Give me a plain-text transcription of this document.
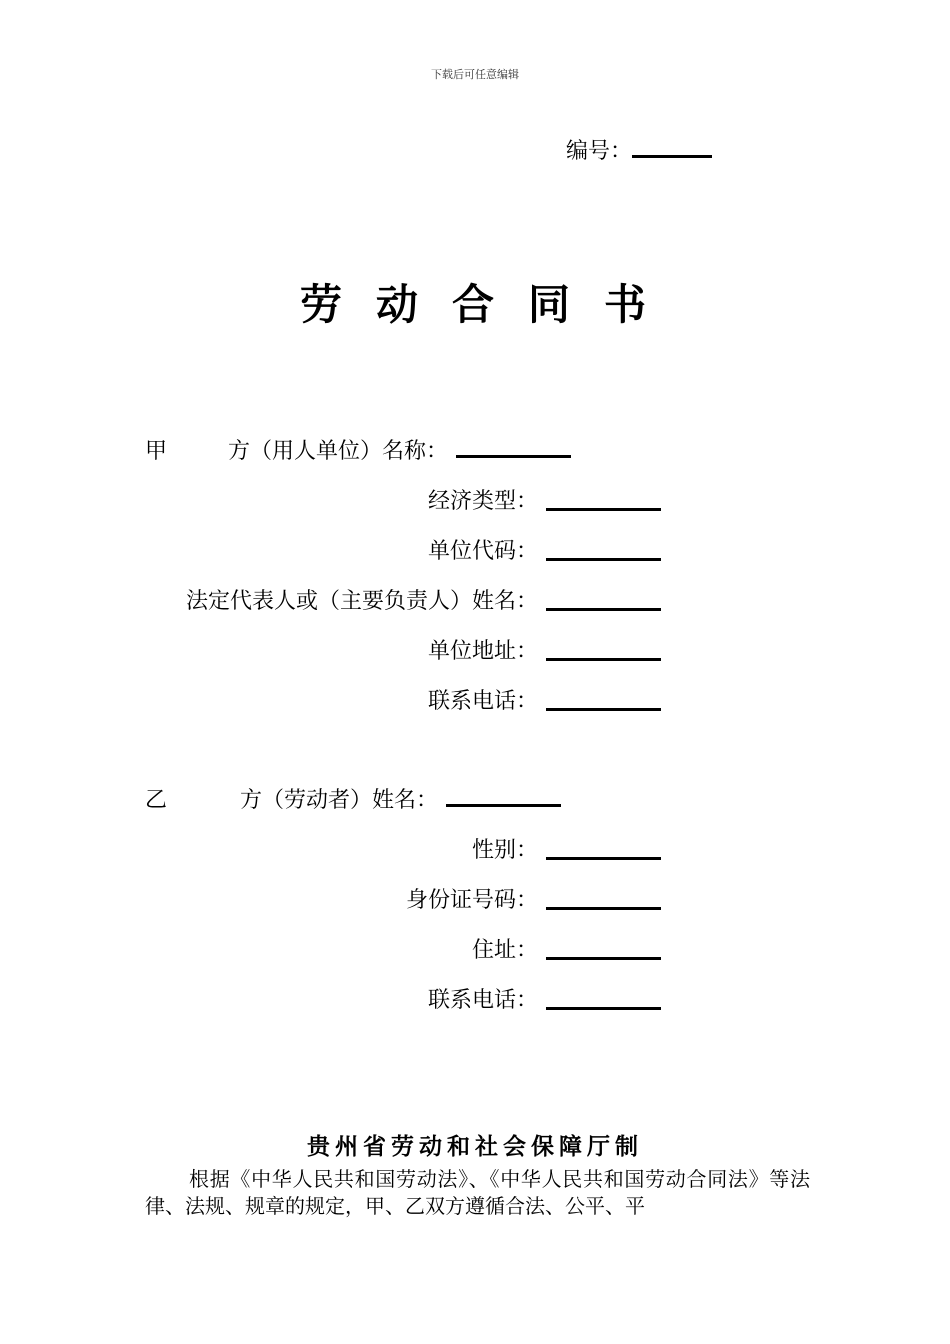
下载后可任意编辑
编号：
劳动合同书
甲	方（用人单位）名称：
经济类型：
单位代码：
法定代表人或（主要负责人）姓名：
单位地址：
联系电话：
乙	方（劳动者）姓名：
性别：
身份证号码：
住址：
联系电话：
贵州省劳动和社会保障厅制
根据《中华人民共和国劳动法》、《中华人民共和国劳动合同法》等法律、法规、规章的规定，甲、乙双方遵循合法、公平、平
